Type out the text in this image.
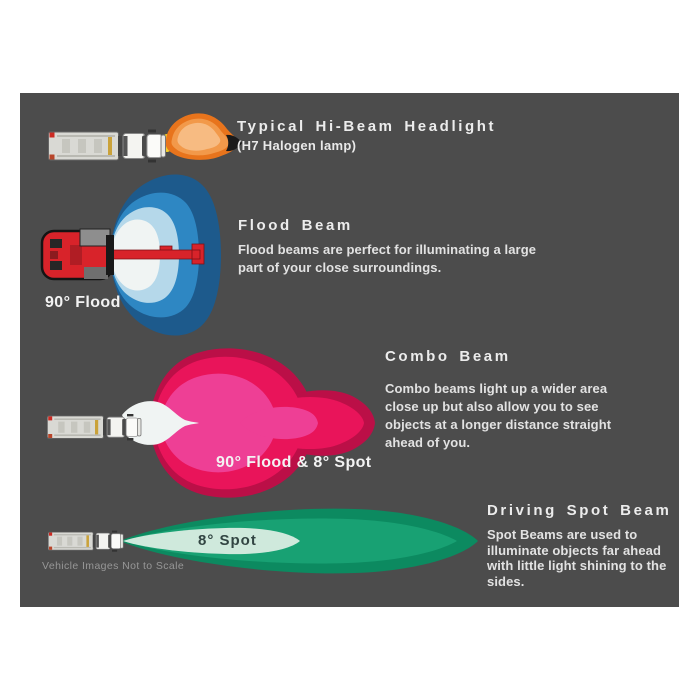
Typical Hi-Beam Headlight
(H7 Halogen lamp)
Flood Beam
Flood beams are perfect for illuminating a large
part of your close surroundings.
90° Flood
Combo Beam
Combo beams light up a wider area
close up but also allow you to see
objects at a longer distance straight
ahead of you.
90° Flood & 8° Spot
Driving Spot Beam
Spot Beams are used to
illuminate objects far ahead
with little light shining to the
sides.
8° Spot
Vehicle Images Not to Scale
